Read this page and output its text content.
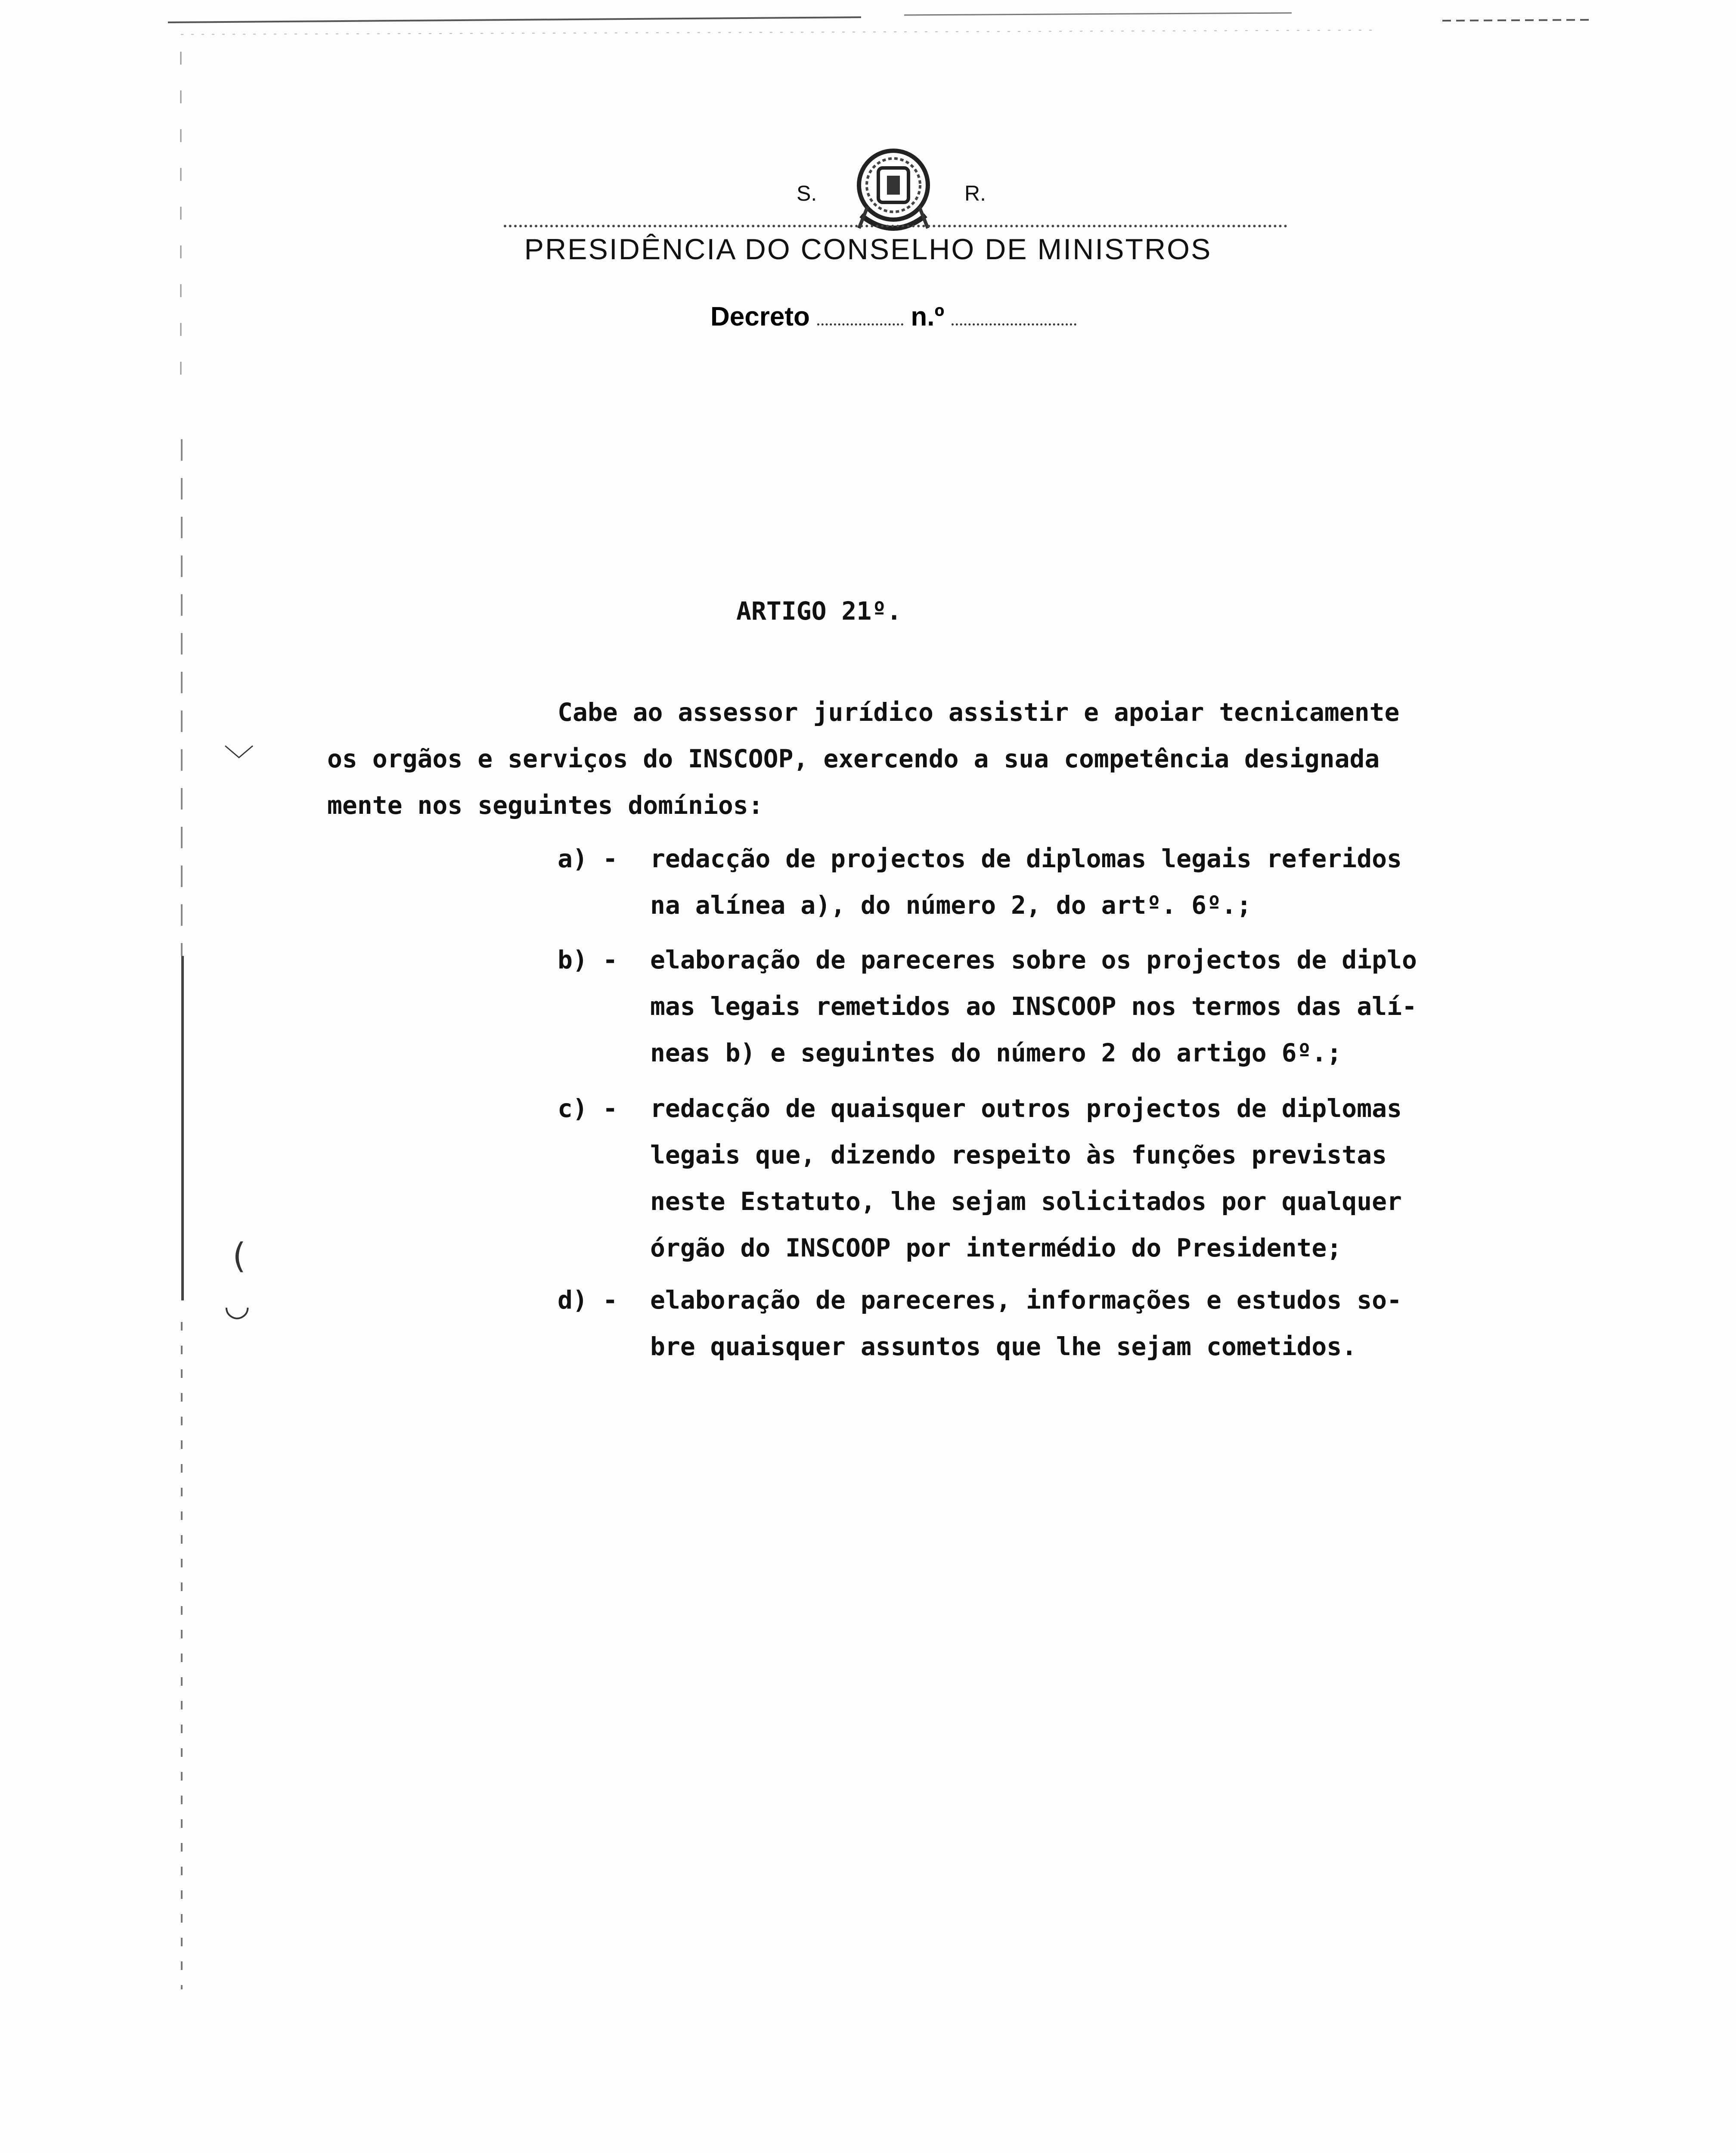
﹀
(
◡
S.	R.
PRESIDÊNCIA DO CONSELHO DE MINISTROS
Decreto	n.º
ARTIGO 21º.
Cabe ao assessor jurídico assistir e apoiar tecnicamente
os orgãos e serviços do INSCOOP, exercendo a sua competência designada
mente nos seguintes domínios:
a) - redacção de projectos de diplomas legais referidos
na alínea a), do número 2, do artº. 6º.;
b) - elaboração de pareceres sobre os projectos de diplo
mas legais remetidos ao INSCOOP nos termos das alí-
neas b) e seguintes do número 2 do artigo 6º.;
c) - redacção de quaisquer outros projectos de diplomas
legais que, dizendo respeito às funções previstas
neste Estatuto, lhe sejam solicitados por qualquer
órgão do INSCOOP por intermédio do Presidente;
d) - elaboração de pareceres, informações e estudos so-
bre quaisquer assuntos que lhe sejam cometidos.
